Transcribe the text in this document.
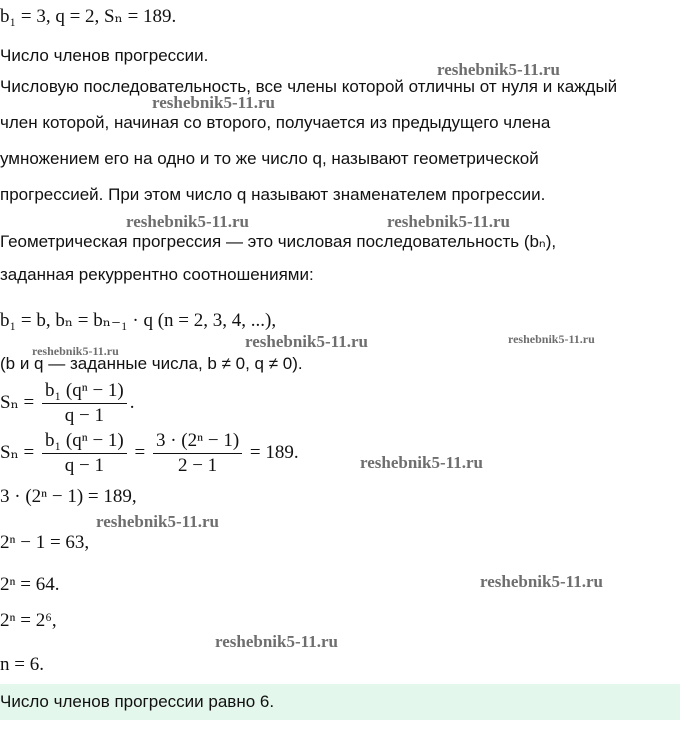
b₁ = 3, q = 2, Sₙ = 189.
Число членов прогрессии.
Числовую последовательность, все члены которой отличны от нуля и каждый
член которой, начиная со второго, получается из предыдущего члена
умножением его на одно и то же число q, называют геометрической
прогрессией. При этом число q называют знаменателем прогрессии.
Геометрическая прогрессия — это числовая последовательность (bₙ),
заданная рекуррентно соотношениями:
b₁ = b, bₙ = bₙ₋₁ · q (n = 2, 3, 4, ...),
(b и q — заданные числа, b ≠ 0, q ≠ 0).
$S_n = \frac{\text{b₁ (qⁿ − 1)}}{q - 1}$ .
$S_n = \frac{\text{b₁ (qⁿ − 1)}}{q - 1} = \frac{\text{3 · (2ⁿ − 1)}}{2 - 1} = 189$.
3 · (2ⁿ − 1) = 189,
2ⁿ − 1 = 63,
2ⁿ = 64.
2ⁿ = 2⁶,
n = 6.
Число членов прогрессии равно 6.
reshebnik5-11.ru
reshebnik5-11.ru
reshebnik5-11.ru	reshebnik5-11.ru
reshebnik5-11.ru	reshebnik5-11.ru
reshebnik5-11.ru
reshebnik5-11.ru
reshebnik5-11.ru
reshebnik5-11.ru
reshebnik5-11.ru
